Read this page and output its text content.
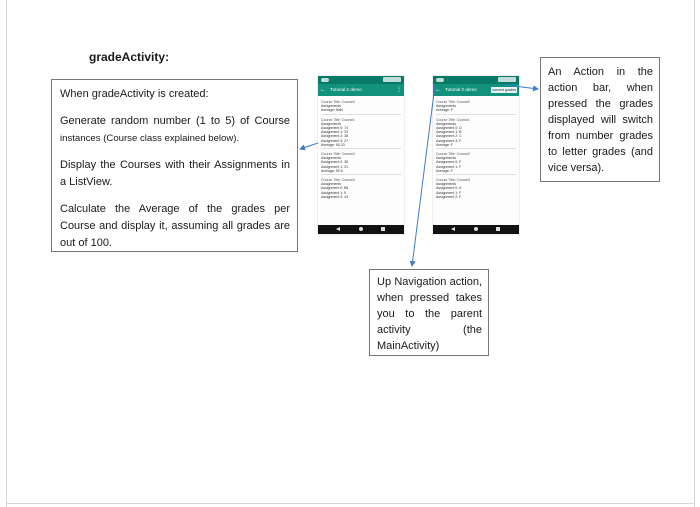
gradeActivity:

When gradeActivity is created:

Generate random number (1 to 5) of Course instances (Course class explained below).

Display the Courses with their Assignments in a ListView.

Calculate the Average of the grades per Course and display it, assuming all grades are out of 100.

An Action in the action bar, when pressed the grades displayed will switch from number grades to letter grades (and vice versa).

Up Navigation action, when pressed takes you to the parent activity (the MainActivity)

← Tutorial 2 demo	⋮
Course Title: Course0
Assignments
Average: NaN
Course Title: Course1
Assignments
Assignment 0: 74
Assignment 1: 33
Assignment 2: 38
Assignment 3: 27
Average: 50.33
Course Title: Course2
Assignments
Assignment 0: 38
Assignment 1: 31
Average: 50.5
Course Title: Course3
Assignments
Assignment 0: 88
Assignment 1: 5
Assignment 2: 43
← Tutorial 2 demo	convert grades
Course Title: Course0
Assignments
Average: F
Course Title: Course1
Assignments
Assignment 0: D
Assignment 1: B
Assignment 2: C
Assignment 3: F
Average: F
Course Title: Course2
Assignments
Assignment 0: F
Assignment 1: F
Average: F
Course Title: Course3
Assignments
Assignment 0: A
Assignment 1: F
Assignment 2: F
